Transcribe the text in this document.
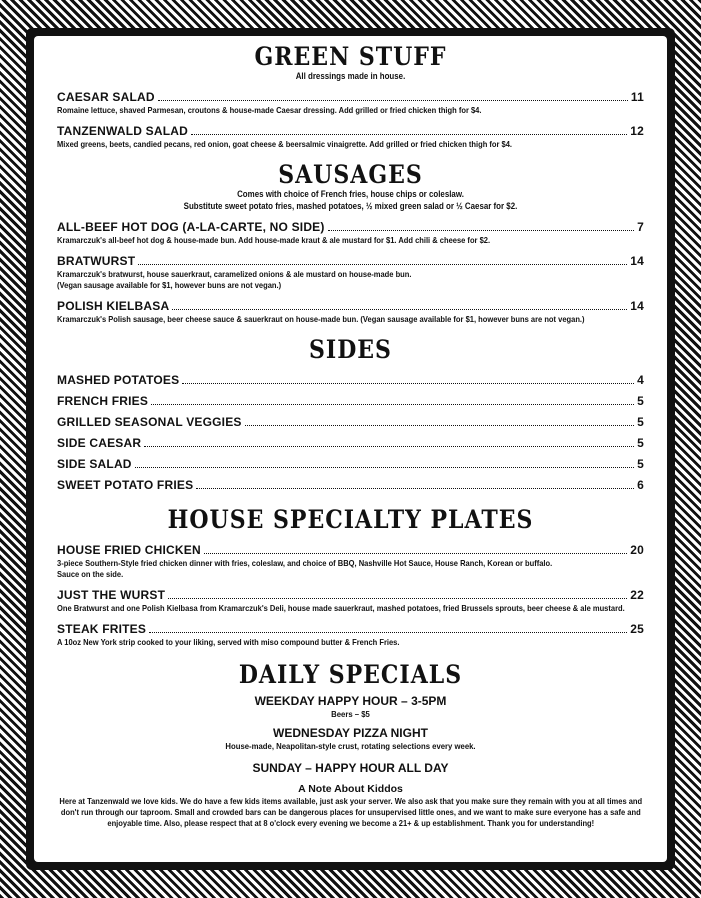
GREEN STUFF
All dressings made in house.
CAESAR SALAD	11
Romaine lettuce, shaved Parmesan, croutons & house-made Caesar dressing. Add grilled or fried chicken thigh for $4.
TANZENWALD SALAD	12
Mixed greens, beets, candied pecans, red onion, goat cheese & beersalmic vinaigrette. Add grilled or fried chicken thigh for $4.
SAUSAGES
Comes with choice of French fries, house chips or coleslaw.
Substitute sweet potato fries, mashed potatoes, ½ mixed green salad or ½ Caesar for $2.
ALL-BEEF HOT DOG (A-LA-CARTE, NO SIDE)	7
Kramarczuk's all-beef hot dog & house-made bun. Add house-made kraut & ale mustard for $1. Add chili & cheese for $2.
BRATWURST	14
Kramarczuk's bratwurst, house sauerkraut, caramelized onions & ale mustard on house-made bun.
(Vegan sausage available for $1, however buns are not vegan.)
POLISH KIELBASA	14
Kramarczuk's Polish sausage, beer cheese sauce & sauerkraut on house-made bun. (Vegan sausage available for $1, however buns are not vegan.)
SIDES
MASHED POTATOES	4
FRENCH FRIES	5
GRILLED SEASONAL VEGGIES	5
SIDE CAESAR	5
SIDE SALAD	5
SWEET POTATO FRIES	6
HOUSE SPECIALTY PLATES
HOUSE FRIED CHICKEN	20
3-piece Southern-Style fried chicken dinner with fries, coleslaw, and choice of BBQ, Nashville Hot Sauce, House Ranch, Korean or buffalo.
Sauce on the side.
JUST THE WURST	22
One Bratwurst and one Polish Kielbasa from Kramarczuk's Deli, house made sauerkraut, mashed potatoes, fried Brussels sprouts, beer cheese & ale mustard.
STEAK FRITES	25
A 10oz New York strip cooked to your liking, served with miso compound butter & French Fries.
DAILY SPECIALS
WEEKDAY HAPPY HOUR – 3-5PM
Beers – $5
WEDNESDAY PIZZA NIGHT
House-made, Neapolitan-style crust, rotating selections every week.
SUNDAY – HAPPY HOUR ALL DAY
A Note About Kiddos
Here at Tanzenwald we love kids. We do have a few kids items available, just ask your server. We also ask that you make sure they remain with you at all times and don't run through our taproom. Small and crowded bars can be dangerous places for unsupervised little ones, and we want to make sure everyone has a safe and enjoyable time. Also, please respect that at 8 o'clock every evening we become a 21+ & up establishment. Thank you for understanding!
